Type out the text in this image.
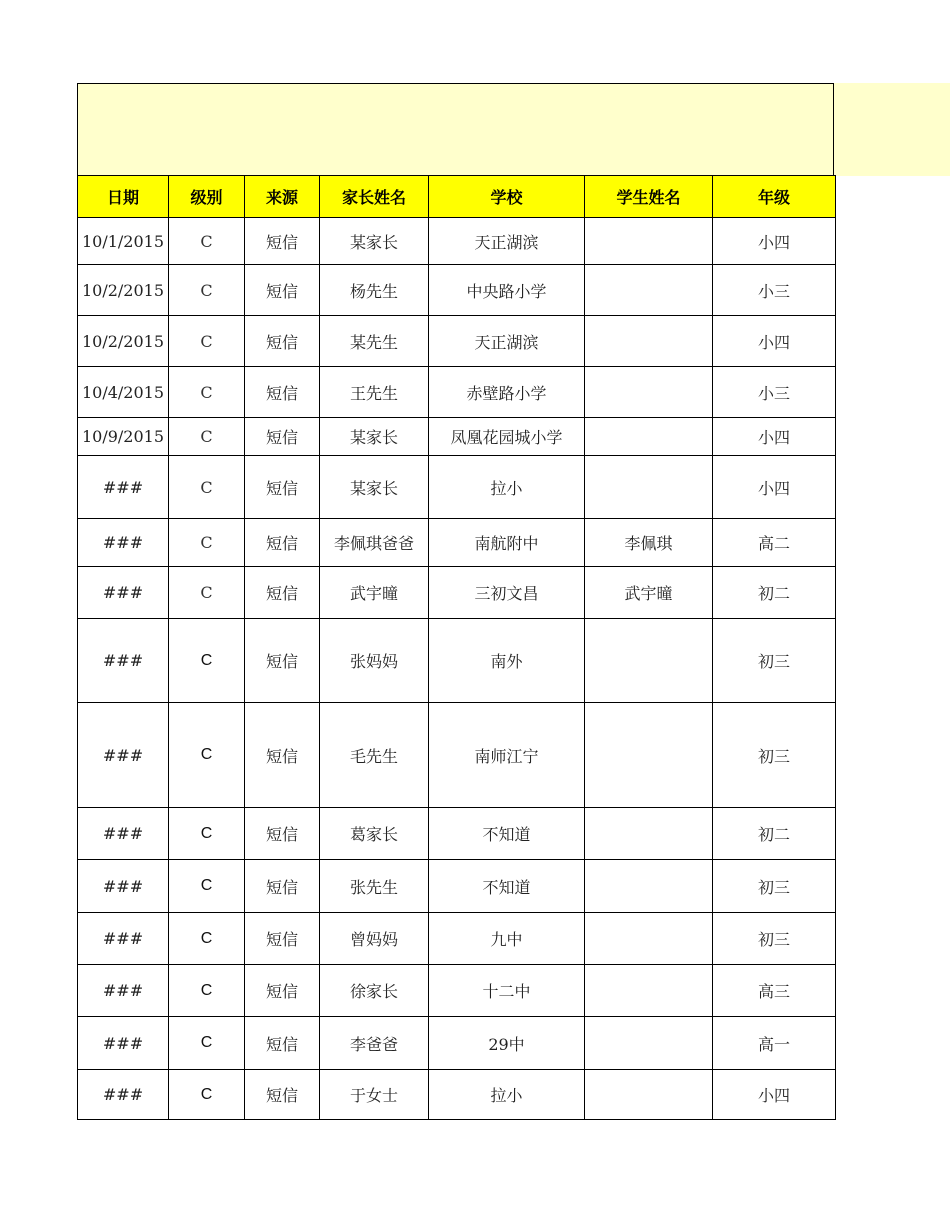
日期	级别	来源	家长姓名	学校	学生姓名	年级
10/1/2015	C	短信	某家长	天正湖滨		小四
10/2/2015	C	短信	杨先生	中央路小学		小三
10/2/2015	C	短信	某先生	天正湖滨		小四
10/4/2015	C	短信	王先生	赤壁路小学		小三
10/9/2015	C	短信	某家长	凤凰花园城小学		小四
###	C	短信	某家长	拉小		小四
###	C	短信	李佩琪爸爸	南航附中	李佩琪	高二
###	C	短信	武宇曈	三初文昌	武宇曈	初二
###	C	短信	张妈妈	南外		初三
###	C	短信	毛先生	南师江宁		初三
###	C	短信	葛家长	不知道		初二
###	C	短信	张先生	不知道		初三
###	C	短信	曾妈妈	九中		初三
###	C	短信	徐家长	十二中		高三
###	C	短信	李爸爸	29中		高一
###	C	短信	于女士	拉小		小四
